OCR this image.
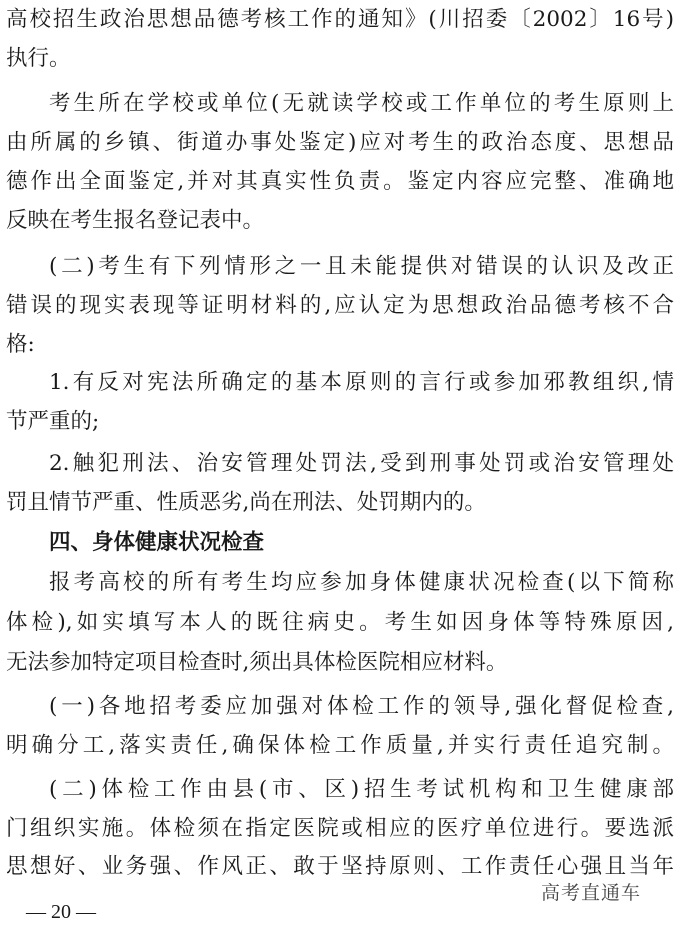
高校招生政治思想品德考核工作的通知》(川招委〔2002〕16号)
执行。
考生所在学校或单位(无就读学校或工作单位的考生原则上
由所属的乡镇、街道办事处鉴定)应对考生的政治态度、思想品
德作出全面鉴定,并对其真实性负责。鉴定内容应完整、准确地
反映在考生报名登记表中。
(二)考生有下列情形之一且未能提供对错误的认识及改正
错误的现实表现等证明材料的,应认定为思想政治品德考核不合
格:
1.有反对宪法所确定的基本原则的言行或参加邪教组织,情
节严重的;
2.触犯刑法、治安管理处罚法,受到刑事处罚或治安管理处
罚且情节严重、性质恶劣,尚在刑法、处罚期内的。
四、身体健康状况检查
报考高校的所有考生均应参加身体健康状况检查(以下简称
体检),如实填写本人的既往病史。考生如因身体等特殊原因,
无法参加特定项目检查时,须出具体检医院相应材料。
(一)各地招考委应加强对体检工作的领导,强化督促检查,
明确分工,落实责任,确保体检工作质量,并实行责任追究制。
(二)体检工作由县(市、区)招生考试机构和卫生健康部
门组织实施。体检须在指定医院或相应的医疗单位进行。要选派
思想好、业务强、作风正、敢于坚持原则、工作责任心强且当年
— 20 —
高考直通车
